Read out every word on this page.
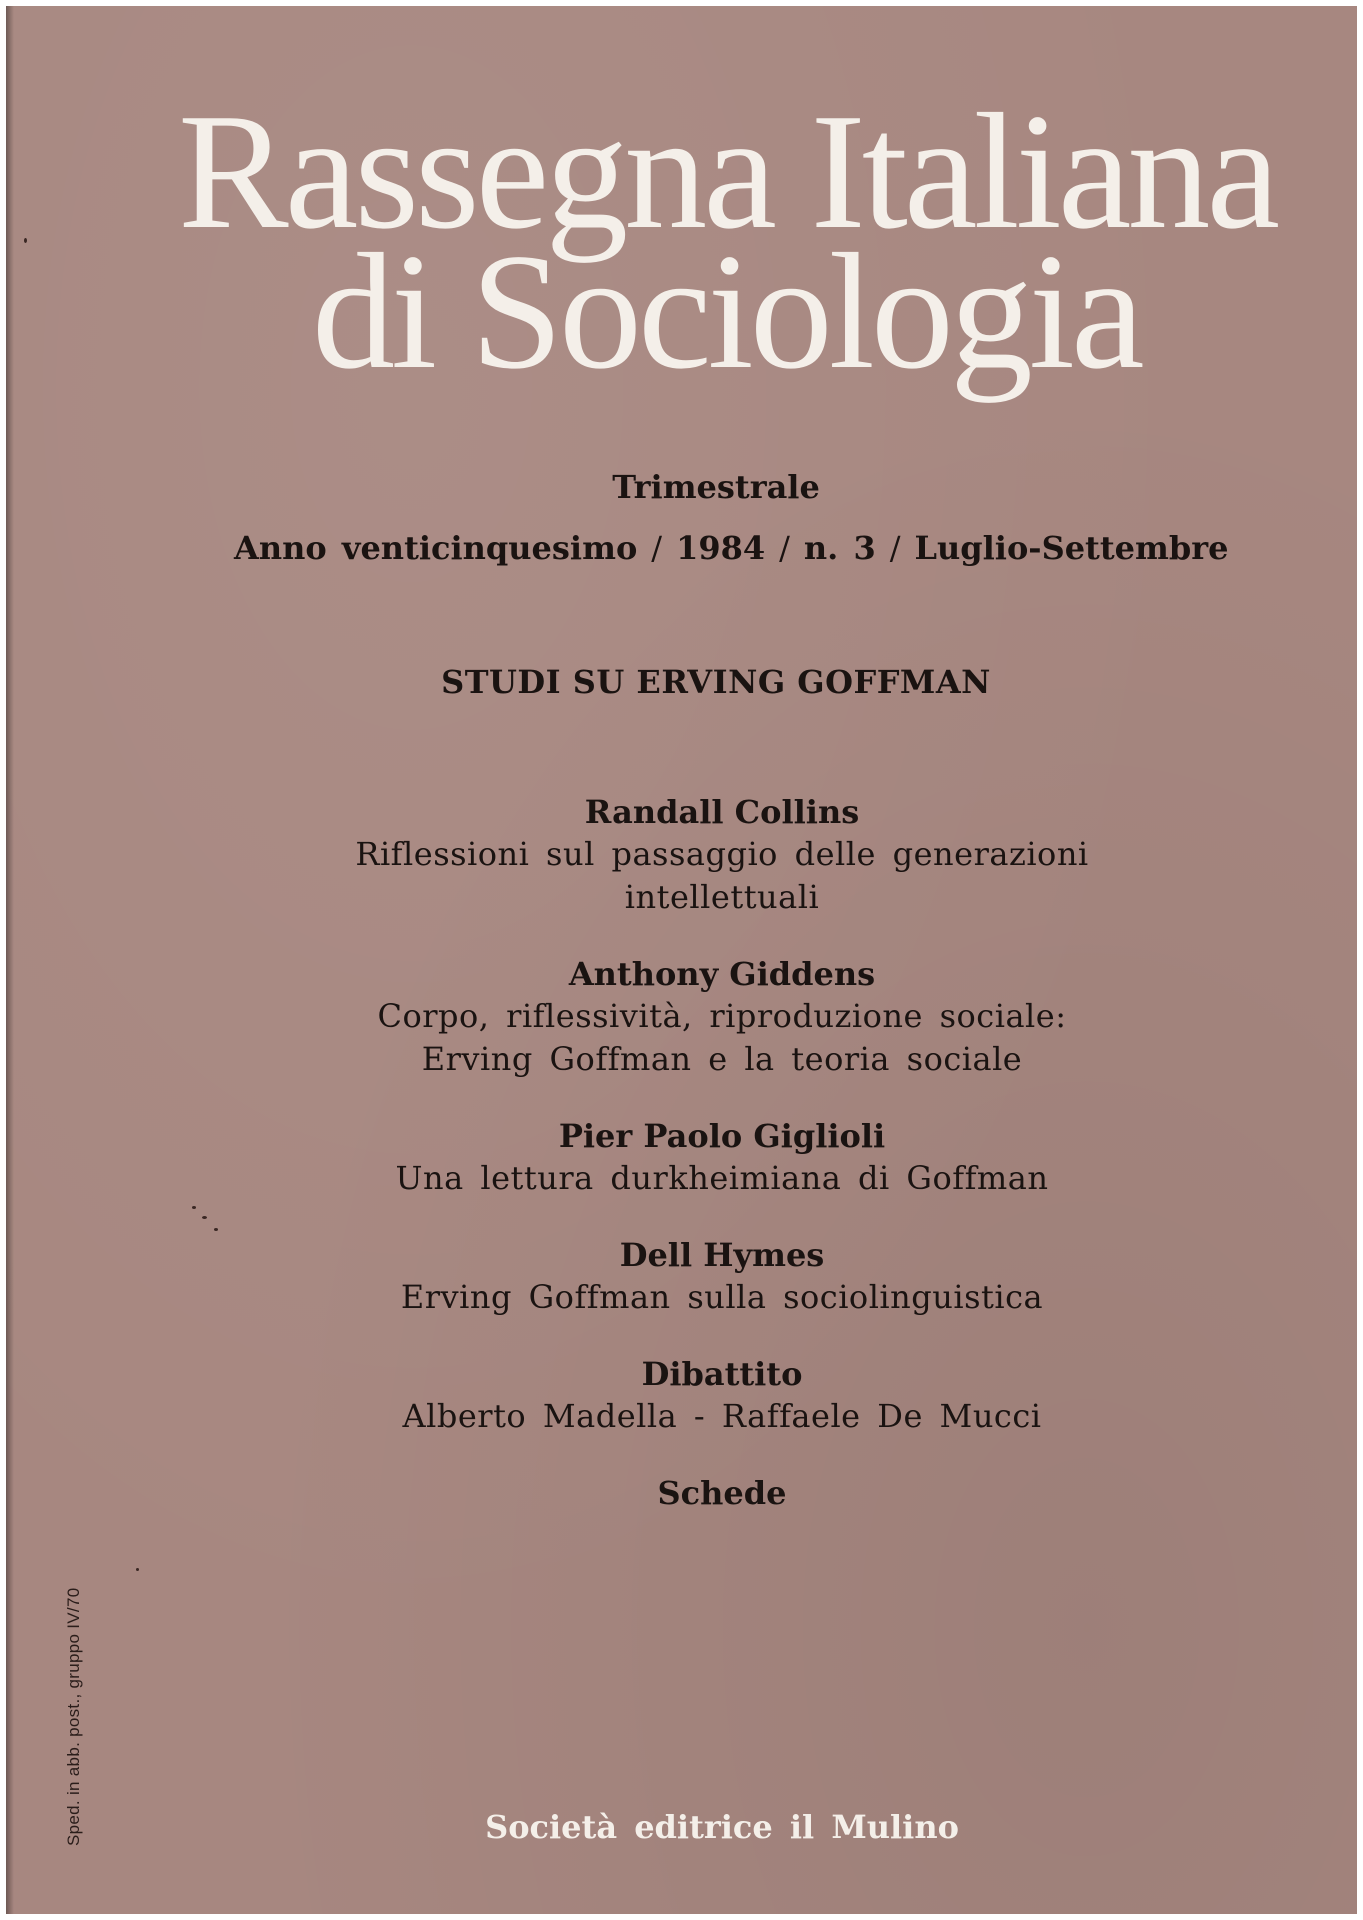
Rassegna Italiana
di Sociologia
Trimestrale
Anno venticinquesimo / 1984 / n. 3 / Luglio-Settembre
STUDI SU ERVING GOFFMAN
Randall Collins
Riflessioni sul passaggio delle generazioni
intellettuali
Anthony Giddens
Corpo, riflessività, riproduzione sociale:
Erving Goffman e la teoria sociale
Pier Paolo Giglioli
Una lettura durkheimiana di Goffman
Dell Hymes
Erving Goffman sulla sociolinguistica
Dibattito
Alberto Madella - Raffaele De Mucci
Schede
Società editrice il Mulino
Sped. in abb. post., gruppo IV/70
